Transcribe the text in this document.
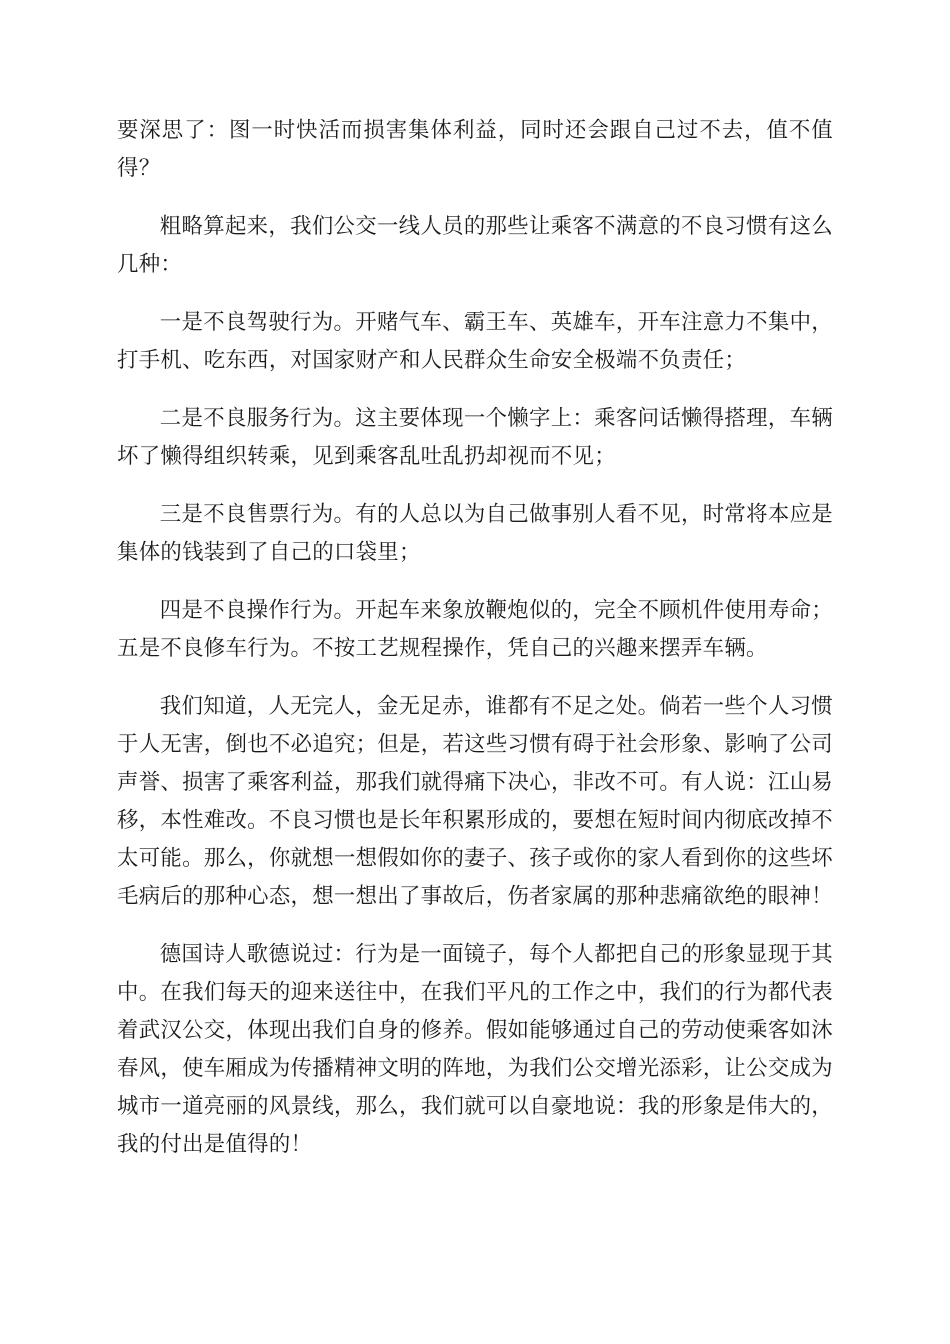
要深思了：图一时快活而损害集体利益，同时还会跟自己过不去，值不值得？

粗略算起来，我们公交一线人员的那些让乘客不满意的不良习惯有这么几种：

一是不良驾驶行为。开赌气车、霸王车、英雄车，开车注意力不集中，打手机、吃东西，对国家财产和人民群众生命安全极端不负责任；

二是不良服务行为。这主要体现一个懒字上：乘客问话懒得搭理，车辆坏了懒得组织转乘，见到乘客乱吐乱扔却视而不见；

三是不良售票行为。有的人总以为自己做事别人看不见，时常将本应是集体的钱装到了自己的口袋里；

四是不良操作行为。开起车来象放鞭炮似的，完全不顾机件使用寿命；五是不良修车行为。不按工艺规程操作，凭自己的兴趣来摆弄车辆。

我们知道，人无完人，金无足赤，谁都有不足之处。倘若一些个人习惯于人无害，倒也不必追究；但是，若这些习惯有碍于社会形象、影响了公司声誉、损害了乘客利益，那我们就得痛下决心，非改不可。有人说：江山易移，本性难改。不良习惯也是长年积累形成的，要想在短时间内彻底改掉不太可能。那么，你就想一想假如你的妻子、孩子或你的家人看到你的这些坏毛病后的那种心态，想一想出了事故后，伤者家属的那种悲痛欲绝的眼神！

德国诗人歌德说过：行为是一面镜子，每个人都把自己的形象显现于其中。在我们每天的迎来送往中，在我们平凡的工作之中，我们的行为都代表着武汉公交，体现出我们自身的修养。假如能够通过自己的劳动使乘客如沐春风，使车厢成为传播精神文明的阵地，为我们公交增光添彩，让公交成为城市一道亮丽的风景线，那么，我们就可以自豪地说：我的形象是伟大的，我的付出是值得的！
